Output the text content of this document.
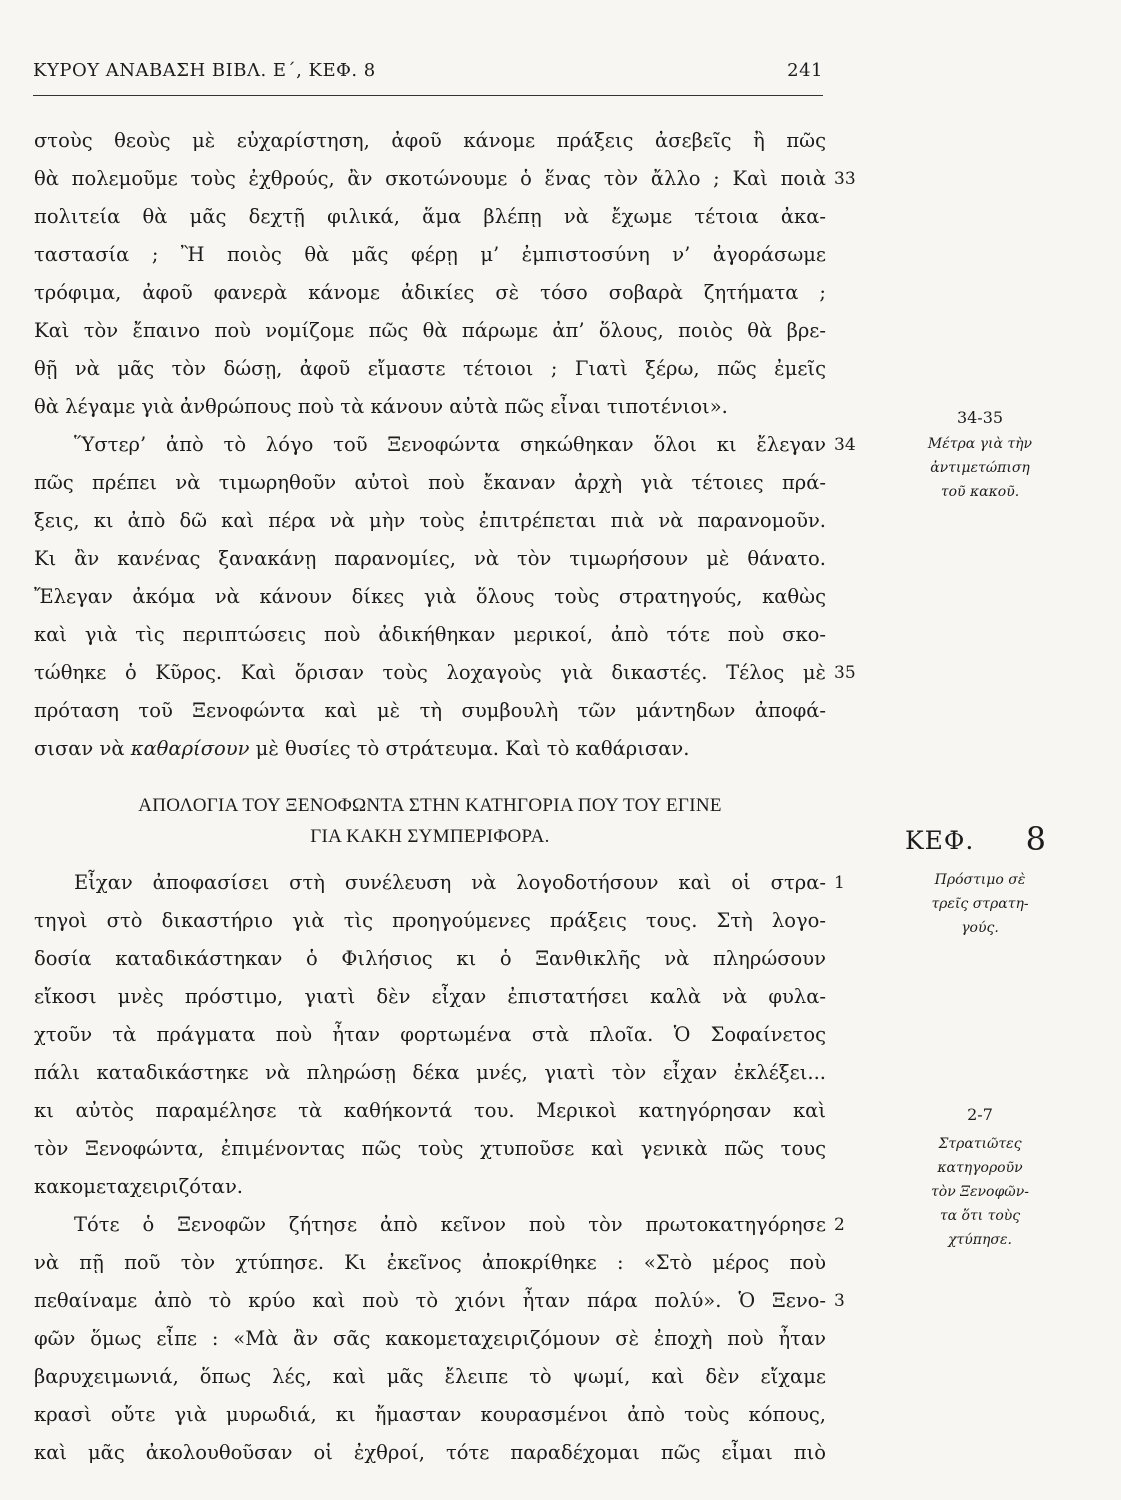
ΚΥΡΟΥ ΑΝΑΒΑΣΗ ΒΙΒΛ. Ε΄, ΚΕΦ. 8	241
στοὺς θεοὺς μὲ εὐχαρίστηση, ἀφοῦ κάνομε πράξεις ἀσεβεῖς ἢ πῶς
θὰ πολεμοῦμε τοὺς ἐχθρούς, ἂν σκοτώνουμε ὁ ἕνας τὸν ἄλλο ; Καὶ ποιὰ
πολιτεία θὰ μᾶς δεχτῇ φιλικά, ἅμα βλέπῃ νὰ ἔχωμε τέτοια ἀκα-
ταστασία ; Ἢ ποιὸς θὰ μᾶς φέρῃ μ’ ἐμπιστοσύνη ν’ ἀγοράσωμε
τρόφιμα, ἀφοῦ φανερὰ κάνομε ἀδικίες σὲ τόσο σοβαρὰ ζητήματα ;
Καὶ τὸν ἔπαινο ποὺ νομίζομε πῶς θὰ πάρωμε ἀπ’ ὅλους, ποιὸς θὰ βρε-
θῇ νὰ μᾶς τὸν δώσῃ, ἀφοῦ εἴμαστε τέτοιοι ; Γιατὶ ξέρω, πῶς ἐμεῖς
θὰ λέγαμε γιὰ ἀνθρώπους ποὺ τὰ κάνουν αὐτὰ πῶς εἶναι τιποτένιοι».
Ὕστερ’ ἀπὸ τὸ λόγο τοῦ Ξενοφώντα σηκώθηκαν ὅλοι κι ἔλεγαν
πῶς πρέπει νὰ τιμωρηθοῦν αὐτοὶ ποὺ ἔκαναν ἀρχὴ γιὰ τέτοιες πρά-
ξεις, κι ἀπὸ δῶ καὶ πέρα νὰ μὴν τοὺς ἐπιτρέπεται πιὰ νὰ παρανομοῦν.
Κι ἂν κανένας ξανακάνῃ παρανομίες, νὰ τὸν τιμωρήσουν μὲ θάνατο.
Ἔλεγαν ἀκόμα νὰ κάνουν δίκες γιὰ ὅλους τοὺς στρατηγούς, καθὼς
καὶ γιὰ τὶς περιπτώσεις ποὺ ἀδικήθηκαν μερικοί, ἀπὸ τότε ποὺ σκο-
τώθηκε ὁ Κῦρος. Καὶ ὅρισαν τοὺς λοχαγοὺς γιὰ δικαστές. Τέλος μὲ
πρόταση τοῦ Ξενοφώντα καὶ μὲ τὴ συμβουλὴ τῶν μάντηδων ἀποφά-
σισαν νὰ καθαρίσουν μὲ θυσίες τὸ στράτευμα. Καὶ τὸ καθάρισαν.
ΑΠΟΛΟΓΙΑ ΤΟΥ ΞΕΝΟΦΩΝΤΑ ΣΤΗΝ ΚΑΤΗΓΟΡΙΑ ΠΟΥ ΤΟΥ ΕΓΙΝΕ
ΓΙΑ ΚΑΚΗ ΣΥΜΠΕΡΙΦΟΡΑ.
Εἶχαν ἀποφασίσει στὴ συνέλευση νὰ λογοδοτήσουν καὶ οἱ στρα-
τηγοὶ στὸ δικαστήριο γιὰ τὶς προηγούμενες πράξεις τους. Στὴ λογο-
δοσία καταδικάστηκαν ὁ Φιλήσιος κι ὁ Ξανθικλῆς νὰ πληρώσουν
εἴκοσι μνὲς πρόστιμο, γιατὶ δὲν εἶχαν ἐπιστατήσει καλὰ νὰ φυλα-
χτοῦν τὰ πράγματα ποὺ ἦταν φορτωμένα στὰ πλοῖα. Ὁ Σοφαίνετος
πάλι καταδικάστηκε νὰ πληρώσῃ δέκα μνές, γιατὶ τὸν εἶχαν ἐκλέξει...
κι αὐτὸς παραμέλησε τὰ καθήκοντά του. Μερικοὶ κατηγόρησαν καὶ
τὸν Ξενοφώντα, ἐπιμένοντας πῶς τοὺς χτυποῦσε καὶ γενικὰ πῶς τους
κακομεταχειριζόταν.
Τότε ὁ Ξενοφῶν ζήτησε ἀπὸ κεῖνον ποὺ τὸν πρωτοκατηγόρησε
νὰ πῇ ποῦ τὸν χτύπησε. Κι ἐκεῖνος ἀποκρίθηκε : «Στὸ μέρος ποὺ
πεθαίναμε ἀπὸ τὸ κρύο καὶ ποὺ τὸ χιόνι ἦταν πάρα πολύ». Ὁ Ξενο-
φῶν ὅμως εἶπε : «Μὰ ἂν σᾶς κακομεταχειριζόμουν σὲ ἐποχὴ ποὺ ἦταν
βαρυχειμωνιά, ὅπως λές, καὶ μᾶς ἔλειπε τὸ ψωμί, καὶ δὲν εἴχαμε
κρασὶ οὔτε γιὰ μυρωδιά, κι ἤμασταν κουρασμένοι ἀπὸ τοὺς κόπους,
καὶ μᾶς ἀκολουθοῦσαν οἱ ἐχθροί, τότε παραδέχομαι πῶς εἶμαι πιὸ
33
34
35
1
2
3
34-35
Μέτρα γιὰ τὴν
ἀντιμετώπιση
τοῦ κακοῦ.
ΚΕΦ. 8
Πρόστιμο σὲ
τρεῖς στρατη-
γούς.
2-7
Στρατιῶτες
κατηγοροῦν
τὸν Ξενοφῶν-
τα ὅτι τοὺς
χτύπησε.
